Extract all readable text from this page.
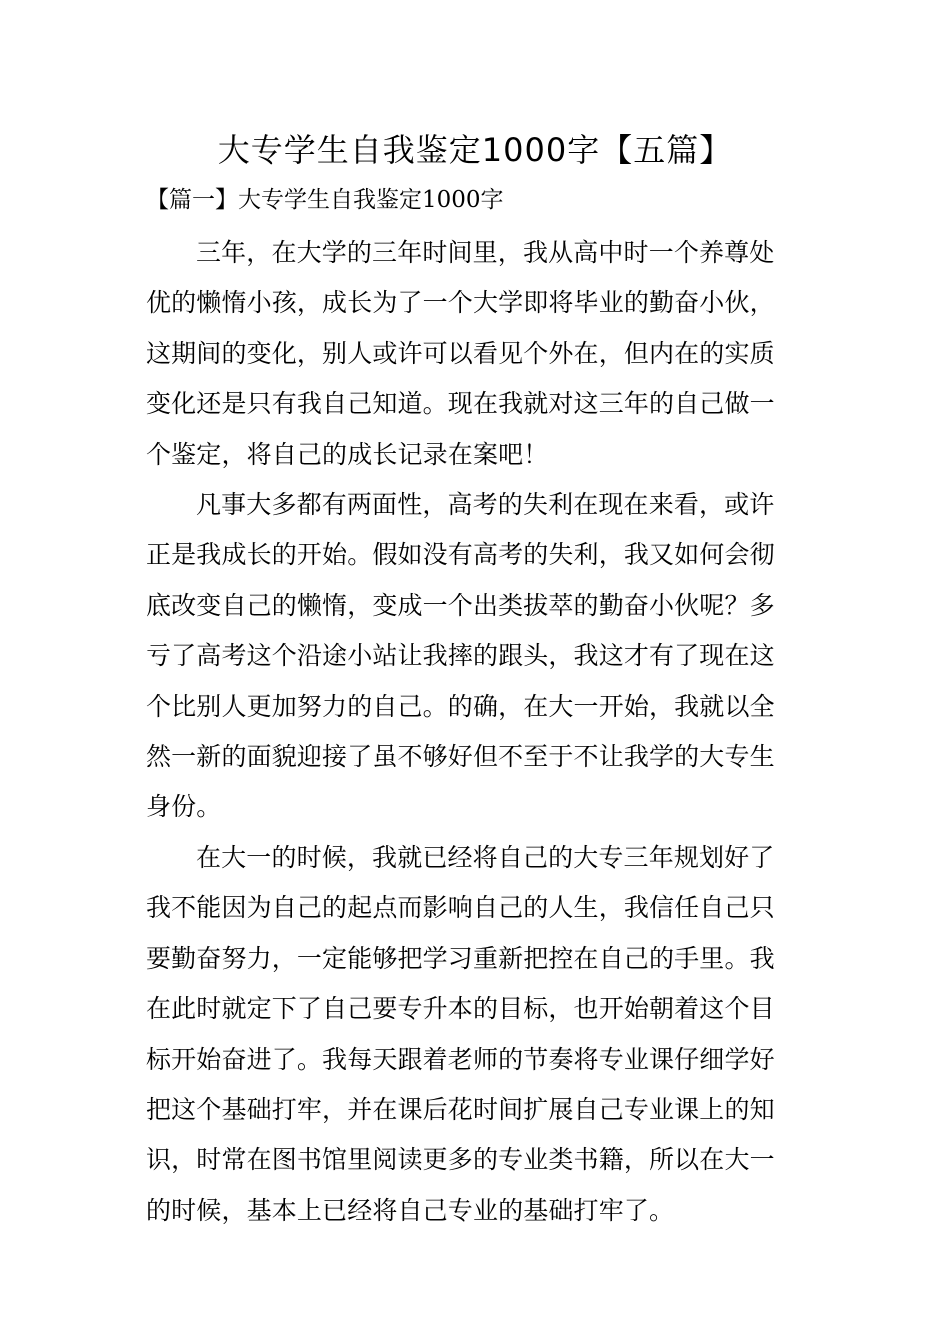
大专学生自我鉴定1000字【五篇】
【篇一】大专学生自我鉴定1000字

三年，在大学的三年时间里，我从高中时一个养尊处
优的懒惰小孩，成长为了一个大学即将毕业的勤奋小伙，
这期间的变化，别人或许可以看见个外在，但内在的实质
变化还是只有我自己知道。现在我就对这三年的自己做一
个鉴定，将自己的成长记录在案吧！

凡事大多都有两面性，高考的失利在现在来看，或许
正是我成长的开始。假如没有高考的失利，我又如何会彻
底改变自己的懒惰，变成一个出类拔萃的勤奋小伙呢？多
亏了高考这个沿途小站让我摔的跟头，我这才有了现在这
个比别人更加努力的自己。的确，在大一开始，我就以全
然一新的面貌迎接了虽不够好但不至于不让我学的大专生
身份。

在大一的时候，我就已经将自己的大专三年规划好了
我不能因为自己的起点而影响自己的人生，我信任自己只
要勤奋努力，一定能够把学习重新把控在自己的手里。我
在此时就定下了自己要专升本的目标，也开始朝着这个目
标开始奋进了。我每天跟着老师的节奏将专业课仔细学好
把这个基础打牢，并在课后花时间扩展自己专业课上的知
识，时常在图书馆里阅读更多的专业类书籍，所以在大一
的时候，基本上已经将自己专业的基础打牢了。
